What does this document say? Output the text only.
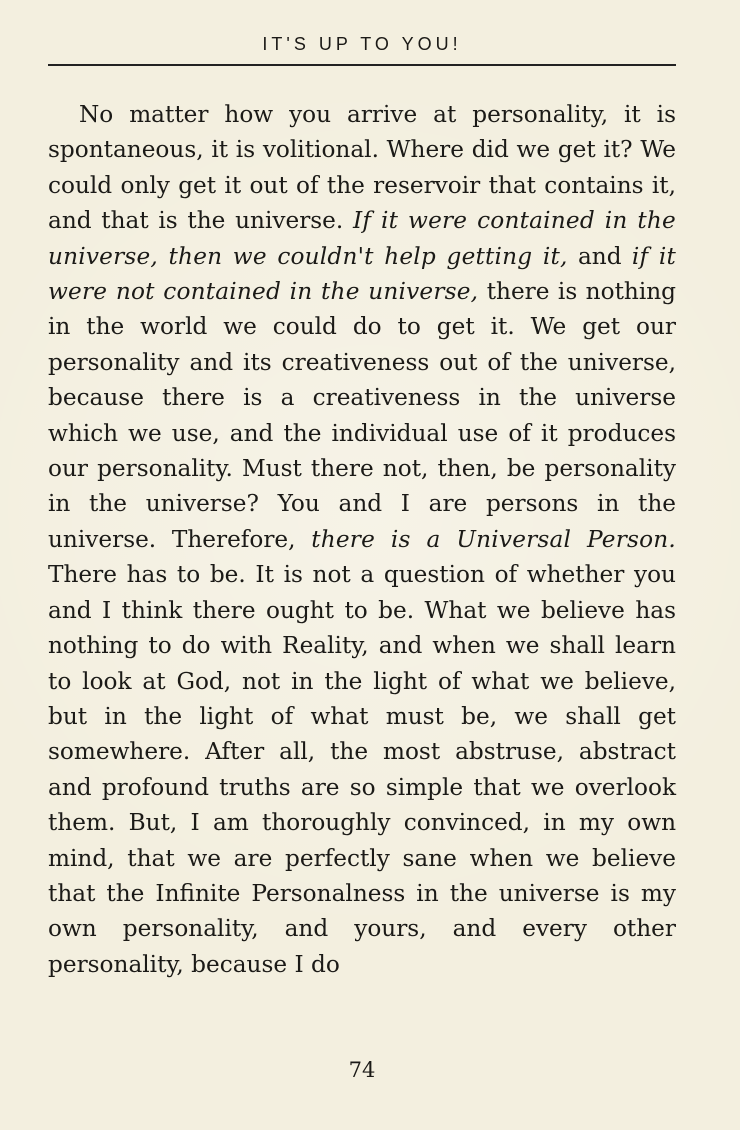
IT'S UP TO YOU!
No matter how you arrive at personality, it is spontaneous, it is volitional. Where did we get it? We could only get it out of the reservoir that contains it, and that is the universe. If it were contained in the universe, then we couldn't help getting it, and if it were not contained in the universe, there is nothing in the world we could do to get it. We get our personality and its creativeness out of the universe, because there is a creativeness in the universe which we use, and the individual use of it produces our personality. Must there not, then, be personality in the universe? You and I are persons in the universe. Therefore, there is a Universal Person. There has to be. It is not a question of whether you and I think there ought to be. What we believe has nothing to do with Reality, and when we shall learn to look at God, not in the light of what we believe, but in the light of what must be, we shall get somewhere. After all, the most abstruse, abstract and profound truths are so simple that we overlook them. But, I am thoroughly convinced, in my own mind, that we are perfectly sane when we believe that the Infinite Personalness in the universe is my own personality, and yours, and every other personality, because I do
74
